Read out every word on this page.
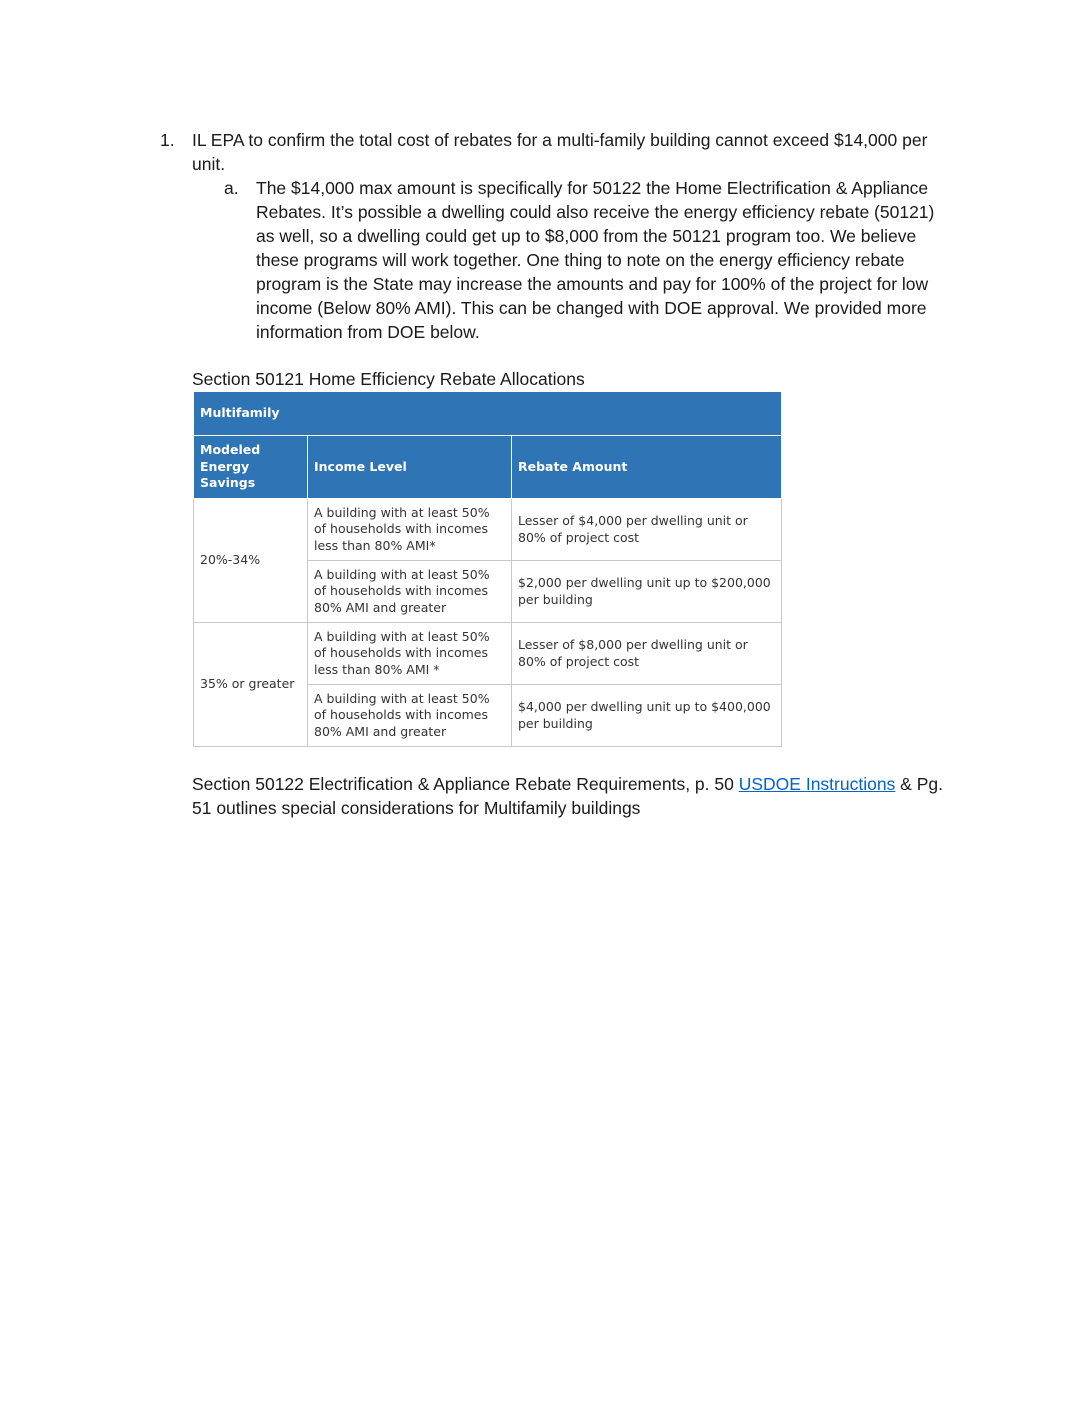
1. IL EPA to confirm the total cost of rebates for a multi-family building cannot exceed $14,000 per unit.
a. The $14,000 max amount is specifically for 50122 the Home Electrification & Appliance Rebates. It’s possible a dwelling could also receive the energy efficiency rebate (50121) as well, so a dwelling could get up to $8,000 from the 50121 program too. We believe these programs will work together. One thing to note on the energy efficiency rebate program is the State may increase the amounts and pay for 100% of the project for low income (Below 80% AMI). This can be changed with DOE approval. We provided more information from DOE below.
Section 50121 Home Efficiency Rebate Allocations
Multifamily		
Modeled Energy Savings	Income Level	Rebate Amount
20%-34%	A building with at least 50% of households with incomes less than 80% AMI*	Lesser of $4,000 per dwelling unit or 80% of project cost
	A building with at least 50% of households with incomes 80% AMI and greater	$2,000 per dwelling unit up to $200,000 per building
35% or greater	A building with at least 50% of households with incomes less than 80% AMI *	Lesser of $8,000 per dwelling unit or 80% of project cost
	A building with at least 50% of households with incomes 80% AMI and greater	$4,000 per dwelling unit up to $400,000 per building
Section 50122 Electrification & Appliance Rebate Requirements, p. 50 USDOE Instructions & Pg. 51 outlines special considerations for Multifamily buildings
